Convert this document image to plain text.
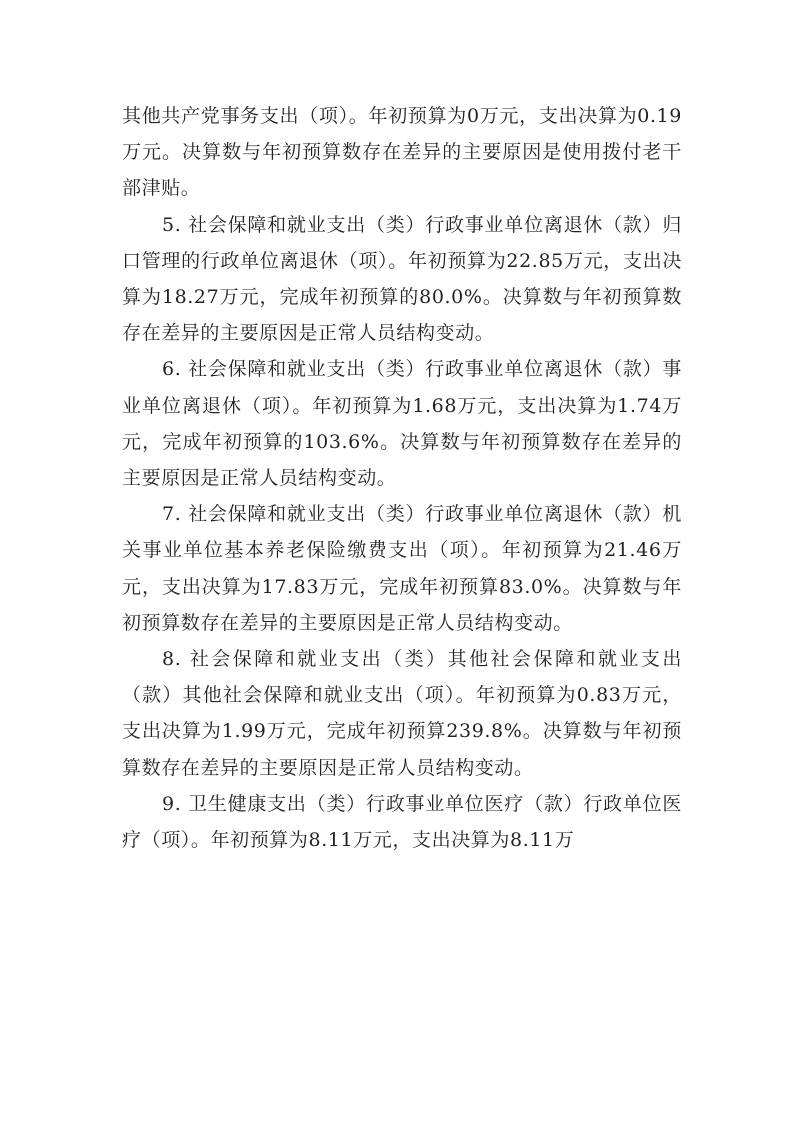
其他共产党事务支出（项）。年初预算为0万元，支出决算为0.19万元。决算数与年初预算数存在差异的主要原因是使用拨付老干部津贴。

5. 社会保障和就业支出（类）行政事业单位离退休（款）归口管理的行政单位离退休（项）。年初预算为22.85万元，支出决算为18.27万元，完成年初预算的80.0%。决算数与年初预算数存在差异的主要原因是正常人员结构变动。

6. 社会保障和就业支出（类）行政事业单位离退休（款）事业单位离退休（项）。年初预算为1.68万元，支出决算为1.74万元，完成年初预算的103.6%。决算数与年初预算数存在差异的主要原因是正常人员结构变动。

7. 社会保障和就业支出（类）行政事业单位离退休（款）机关事业单位基本养老保险缴费支出（项）。年初预算为21.46万元，支出决算为17.83万元，完成年初预算83.0%。决算数与年初预算数存在差异的主要原因是正常人员结构变动。

8. 社会保障和就业支出（类）其他社会保障和就业支出（款）其他社会保障和就业支出（项）。年初预算为0.83万元，支出决算为1.99万元，完成年初预算239.8%。决算数与年初预算数存在差异的主要原因是正常人员结构变动。

9. 卫生健康支出（类）行政事业单位医疗（款）行政单位医疗（项）。年初预算为8.11万元，支出决算为8.11万
